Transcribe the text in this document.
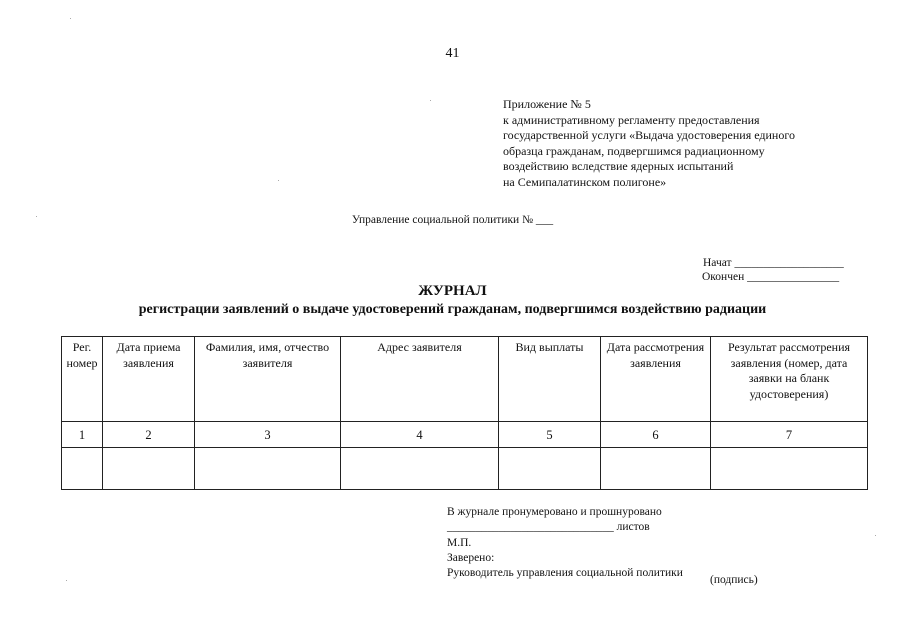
41
Приложение № 5
к административному регламенту предоставления
государственной услуги «Выдача удостоверения единого
образца гражданам, подвергшимся радиационному
воздействию вследствие ядерных испытаний
на Семипалатинском полигоне»
Управление социальной политики № ___
Начат ___________________
Окончен ________________
ЖУРНАЛ
регистрации заявлений о выдаче удостоверений гражданам, подвергшимся воздействию радиации
Рег. номер	Дата приема заявления	Фамилия, имя, отчество заявителя	Адрес заявителя	Вид выплаты	Дата рассмотрения заявления	Результат рассмотрения заявления (номер, дата заявки на бланк удостоверения)
1	2	3	4	5	6	7

В журнале пронумеровано и прошнуровано
_____________________________ листов
М.П.
Заверено:
Руководитель управления социальной политики
(подпись)
